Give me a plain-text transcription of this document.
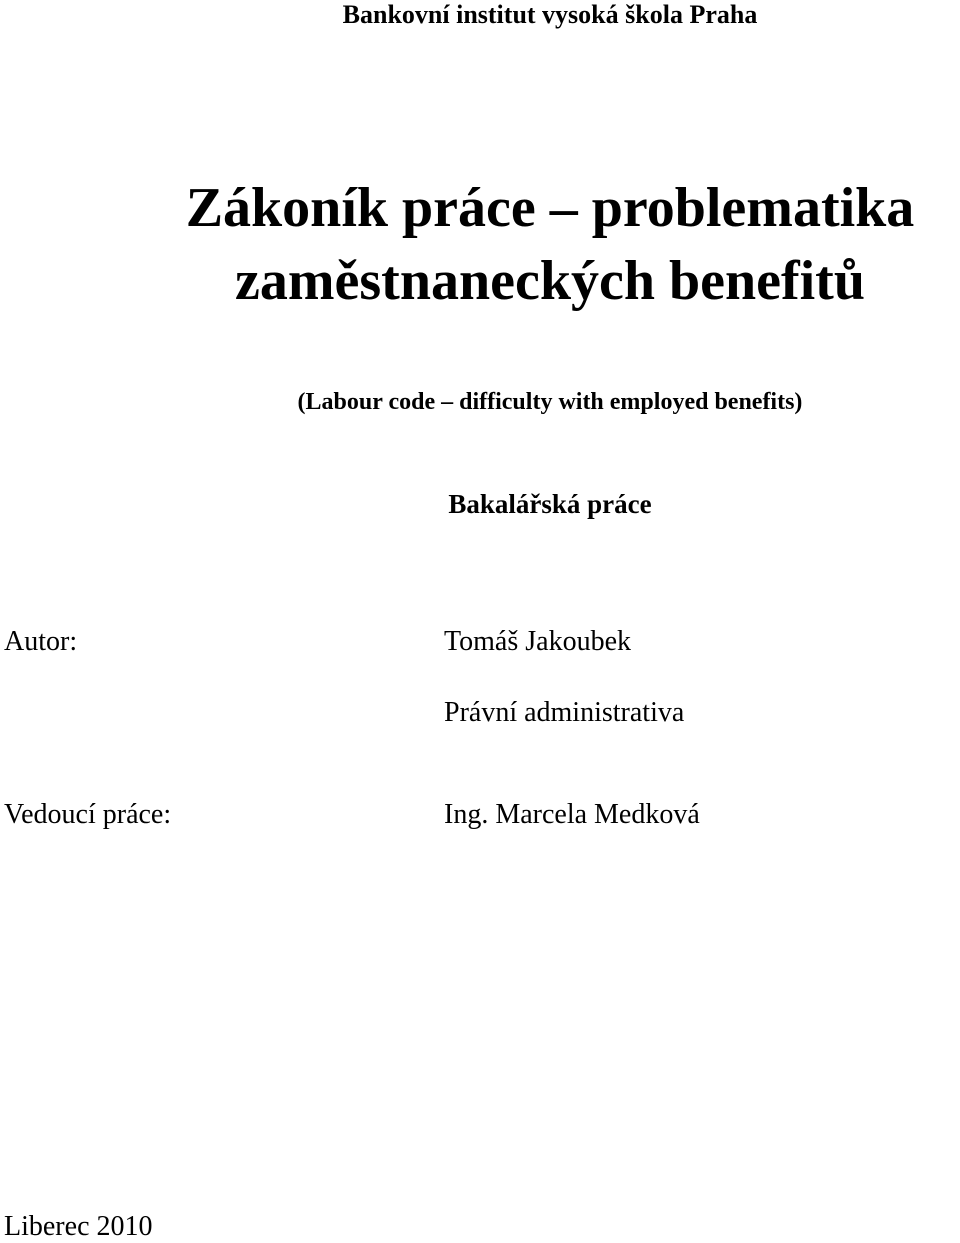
Bankovní institut vysoká škola Praha
Zákoník práce – problematika
zaměstnaneckých benefitů
(Labour code – difficulty with employed benefits)
Bakalářská práce
Autor:	Tomáš Jakoubek
Právní administrativa
Vedoucí práce:	Ing. Marcela Medková
Liberec 2010
